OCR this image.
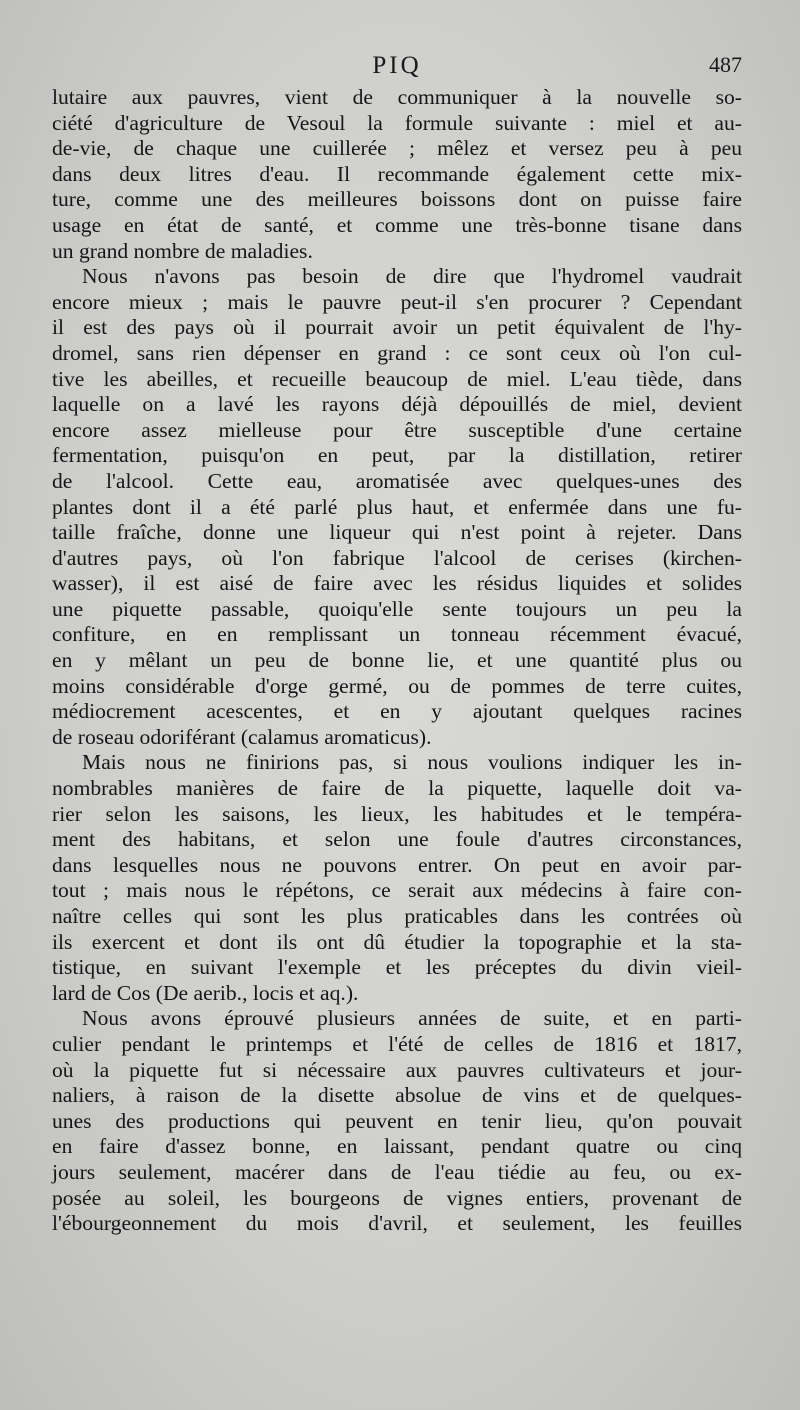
PIQ	487
lutaire aux pauvres, vient de communiquer à la nouvelle so-
ciété d'agriculture de Vesoul la formule suivante : miel et au-
de-vie, de chaque une cuillerée ; mêlez et versez peu à peu
dans deux litres d'eau. Il recommande également cette mix-
ture, comme une des meilleures boissons dont on puisse faire
usage en état de santé, et comme une très-bonne tisane dans
un grand nombre de maladies.
Nous n'avons pas besoin de dire que l'hydromel vaudrait
encore mieux ; mais le pauvre peut-il s'en procurer ? Cependant
il est des pays où il pourrait avoir un petit équivalent de l'hy-
dromel, sans rien dépenser en grand : ce sont ceux où l'on cul-
tive les abeilles, et recueille beaucoup de miel. L'eau tiède, dans
laquelle on a lavé les rayons déjà dépouillés de miel, devient
encore assez mielleuse pour être susceptible d'une certaine
fermentation, puisqu'on en peut, par la distillation, retirer
de l'alcool. Cette eau, aromatisée avec quelques-unes des
plantes dont il a été parlé plus haut, et enfermée dans une fu-
taille fraîche, donne une liqueur qui n'est point à rejeter. Dans
d'autres pays, où l'on fabrique l'alcool de cerises (kirchen-
wasser), il est aisé de faire avec les résidus liquides et solides
une piquette passable, quoiqu'elle sente toujours un peu la
confiture, en en remplissant un tonneau récemment évacué,
en y mêlant un peu de bonne lie, et une quantité plus ou
moins considérable d'orge germé, ou de pommes de terre cuites,
médiocrement acescentes, et en y ajoutant quelques racines
de roseau odoriférant (calamus aromaticus).
Mais nous ne finirions pas, si nous voulions indiquer les in-
nombrables manières de faire de la piquette, laquelle doit va-
rier selon les saisons, les lieux, les habitudes et le tempéra-
ment des habitans, et selon une foule d'autres circonstances,
dans lesquelles nous ne pouvons entrer. On peut en avoir par-
tout ; mais nous le répétons, ce serait aux médecins à faire con-
naître celles qui sont les plus praticables dans les contrées où
ils exercent et dont ils ont dû étudier la topographie et la sta-
tistique, en suivant l'exemple et les préceptes du divin vieil-
lard de Cos (De aerib., locis et aq.).
Nous avons éprouvé plusieurs années de suite, et en parti-
culier pendant le printemps et l'été de celles de 1816 et 1817,
où la piquette fut si nécessaire aux pauvres cultivateurs et jour-
naliers, à raison de la disette absolue de vins et de quelques-
unes des productions qui peuvent en tenir lieu, qu'on pouvait
en faire d'assez bonne, en laissant, pendant quatre ou cinq
jours seulement, macérer dans de l'eau tiédie au feu, ou ex-
posée au soleil, les bourgeons de vignes entiers, provenant de
l'ébourgeonnement du mois d'avril, et seulement, les feuilles
